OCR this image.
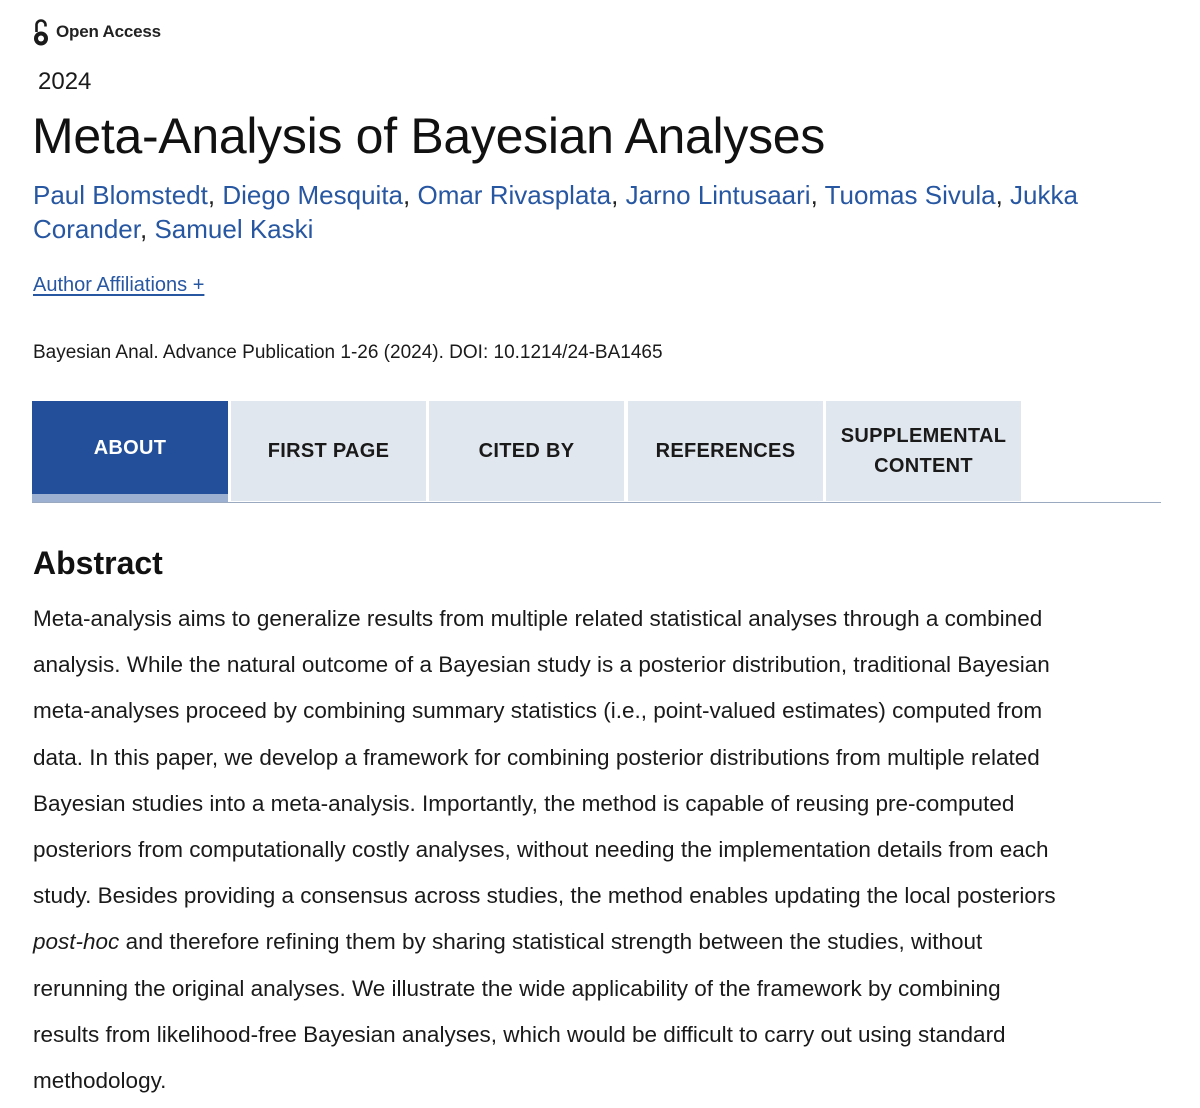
Open Access
2024
Meta-Analysis of Bayesian Analyses
Paul Blomstedt, Diego Mesquita, Omar Rivasplata, Jarno Lintusaari, Tuomas Sivula, Jukka Corander, Samuel Kaski
Author Affiliations +
Bayesian Anal. Advance Publication 1-26 (2024). DOI: 10.1214/24-BA1465
ABOUT	FIRST PAGE	CITED BY	REFERENCES
SUPPLEMENTAL CONTENT
Abstract

Meta-analysis aims to generalize results from multiple related statistical analyses through a combined
analysis. While the natural outcome of a Bayesian study is a posterior distribution, traditional Bayesian
meta-analyses proceed by combining summary statistics (i.e., point-valued estimates) computed from
data. In this paper, we develop a framework for combining posterior distributions from multiple related
Bayesian studies into a meta-analysis. Importantly, the method is capable of reusing pre-computed
posteriors from computationally costly analyses, without needing the implementation details from each
study. Besides providing a consensus across studies, the method enables updating the local posteriors
post-hoc and therefore refining them by sharing statistical strength between the studies, without
rerunning the original analyses. We illustrate the wide applicability of the framework by combining
results from likelihood-free Bayesian analyses, which would be difficult to carry out using standard
methodology.
